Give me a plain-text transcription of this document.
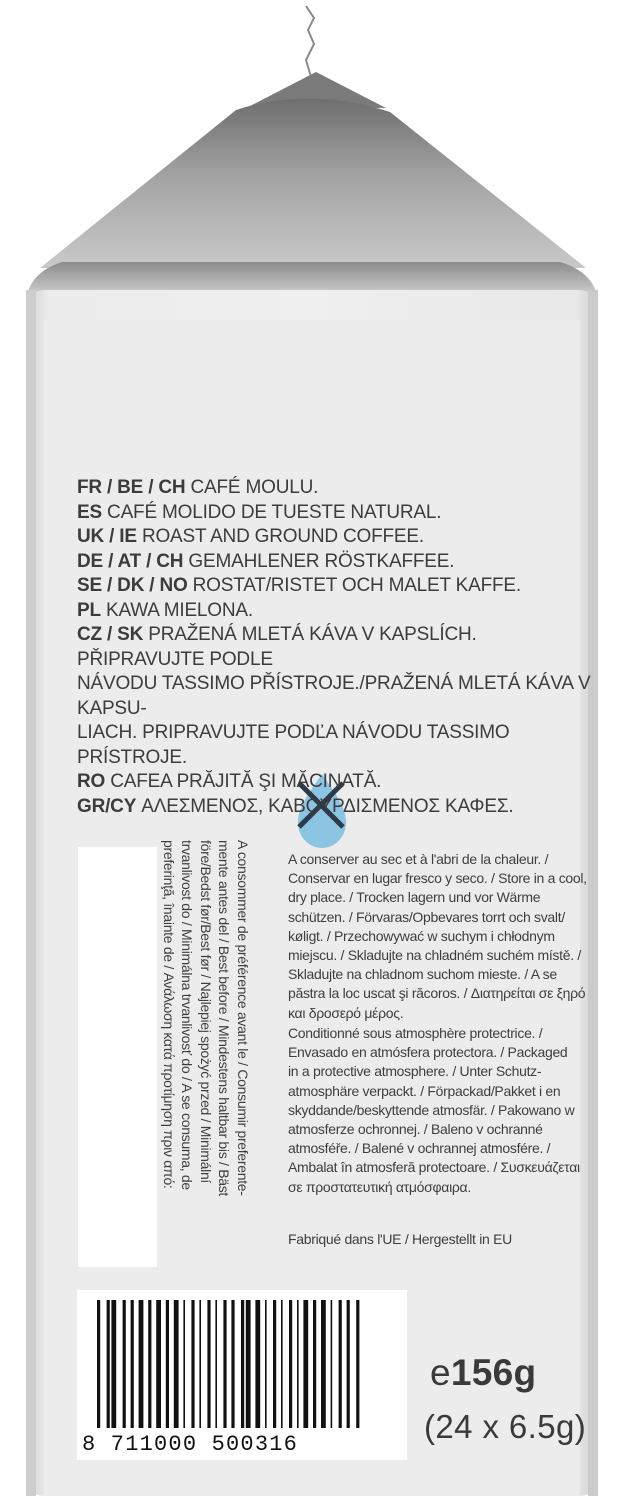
FR / BE / CH CAFÉ MOULU.

ES CAFÉ MOLIDO DE TUESTE NATURAL.

UK / IE ROAST AND GROUND COFFEE.

DE / AT / CH GEMAHLENER RÖSTKAFFEE.

SE / DK / NO ROSTAT/RISTET OCH MALET KAFFE.

PL KAWA MIELONA.

CZ / SK PRAŽENÁ MLETÁ KÁVA V KAPSLÍCH. PŘIPRAVUJTE PODLE

NÁVODU TASSIMO PŘÍSTROJE./PRAŽENÁ MLETÁ KÁVA V KAPSU-

LIACH. PRIPRAVUJTE PODĽA NÁVODU TASSIMO PRÍSTROJE.

RO CAFEA PRĂJITĂ ŞI MĂCINATĂ.

GR/CY ΑΛΕΣΜΕΝΟΣ, ΚΑΒΟΥΡΔΙΣΜΕΝΟΣ ΚΑΦΕΣ.

A conserver au sec et à l'abri de la chaleur. /

Conservar en lugar fresco y seco. / Store in a cool,

dry place. / Trocken lagern und vor Wärme

schützen. / Förvaras/Opbevares torrt och svalt/

køligt. / Przechowywać w suchym i chłodnym

miejscu. / Skladujte na chladném suchém místě. /

Skladujte na chladnom suchom mieste. / A se

păstra la loc uscat şi răcoros. / Διατηρείται σε ξηρό

και δροσερό μέρος.

Conditionné sous atmosphère protectrice. /

Envasado en atmósfera protectora. / Packaged

in a protective atmosphere. / Unter Schutz-

atmosphäre verpackt. / Förpackad/Pakket i en

skyddande/beskyttende atmosfär. / Pakowano w

atmosferze ochronnej. / Baleno v ochranné

atmosféře. / Balené v ochrannej atmosfére. /

Ambalat în atmosferă protectoare. / Συσκευάζεται

σε προστατευτική ατμόσφαιρα.

Fabriqué dans l'UE / Hergestellt in EU

A consommer de préférence avant le / Consumir preferente-
mente antes del / Best before / Mindestens haltbar bis / Bäst
före/Bedst før/Best før / Najlepiej spożyć przed / Minimální
trvanlivost do / Minimálna trvanlivosť do / A se consuma, de
preferinţă, înainte de / Ανάλωση κατά προτίμηση πριν από:
8 711000 500316
e156g
(24 x 6.5g)
